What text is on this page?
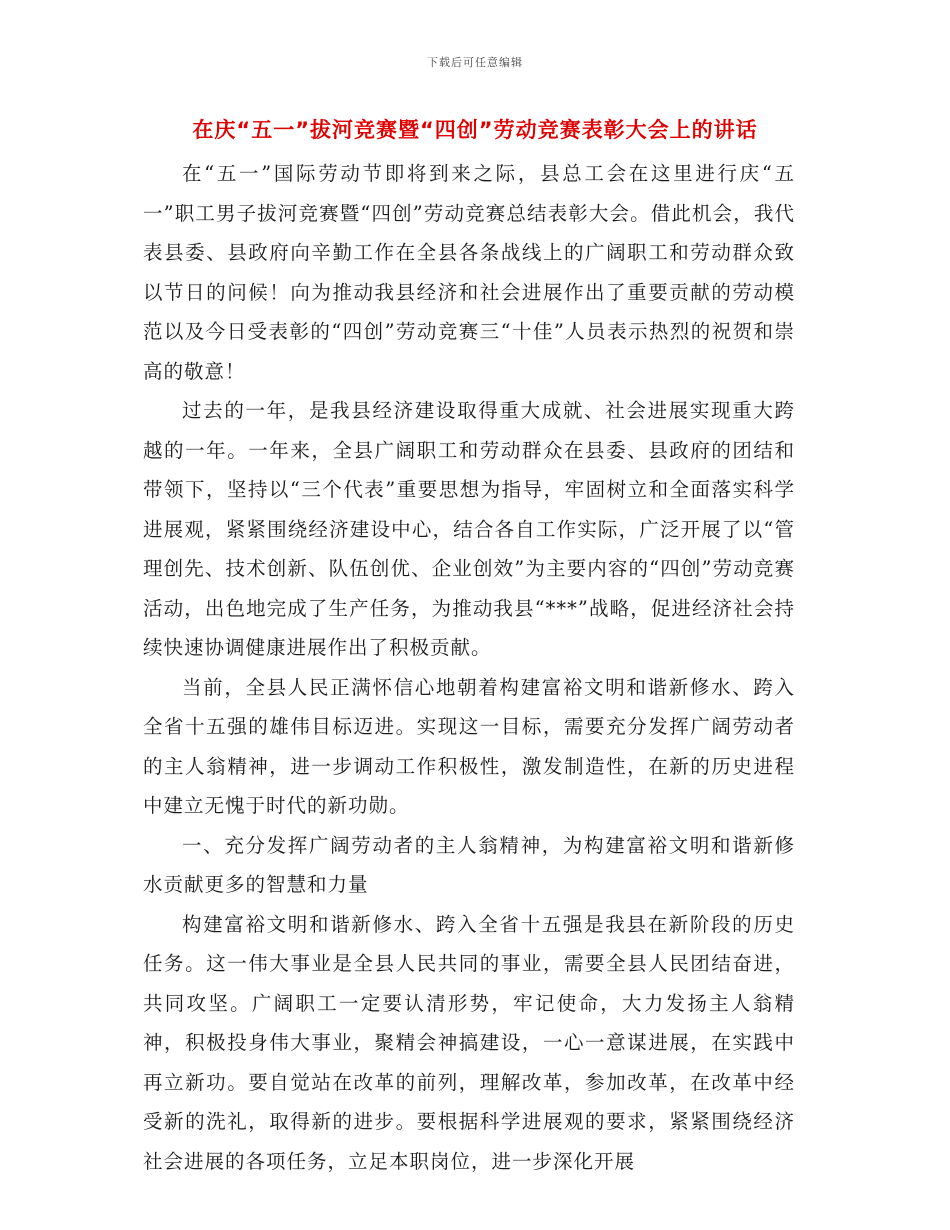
下载后可任意编辑
在庆“五一”拔河竞赛暨“四创”劳动竞赛表彰大会上的讲话

在“五一”国际劳动节即将到来之际，县总工会在这里进行庆“五一”职工男子拔河竞赛暨“四创”劳动竞赛总结表彰大会。借此机会，我代表县委、县政府向辛勤工作在全县各条战线上的广阔职工和劳动群众致以节日的问候！向为推动我县经济和社会进展作出了重要贡献的劳动模范以及今日受表彰的“四创”劳动竞赛三“十佳”人员表示热烈的祝贺和崇高的敬意！

过去的一年，是我县经济建设取得重大成就、社会进展实现重大跨越的一年。一年来，全县广阔职工和劳动群众在县委、县政府的团结和带领下，坚持以“三个代表”重要思想为指导，牢固树立和全面落实科学进展观，紧紧围绕经济建设中心，结合各自工作实际，广泛开展了以“管理创先、技术创新、队伍创优、企业创效”为主要内容的“四创”劳动竞赛活动，出色地完成了生产任务，为推动我县“***”战略，促进经济社会持续快速协调健康进展作出了积极贡献。

当前，全县人民正满怀信心地朝着构建富裕文明和谐新修水、跨入全省十五强的雄伟目标迈进。实现这一目标，需要充分发挥广阔劳动者的主人翁精神，进一步调动工作积极性，激发制造性，在新的历史进程中建立无愧于时代的新功勋。

一、充分发挥广阔劳动者的主人翁精神，为构建富裕文明和谐新修水贡献更多的智慧和力量

构建富裕文明和谐新修水、跨入全省十五强是我县在新阶段的历史任务。这一伟大事业是全县人民共同的事业，需要全县人民团结奋进，共同攻坚。广阔职工一定要认清形势，牢记使命，大力发扬主人翁精神，积极投身伟大事业，聚精会神搞建设，一心一意谋进展，在实践中再立新功。要自觉站在改革的前列，理解改革，参加改革，在改革中经受新的洗礼，取得新的进步。要根据科学进展观的要求，紧紧围绕经济社会进展的各项任务，立足本职岗位，进一步深化开展
